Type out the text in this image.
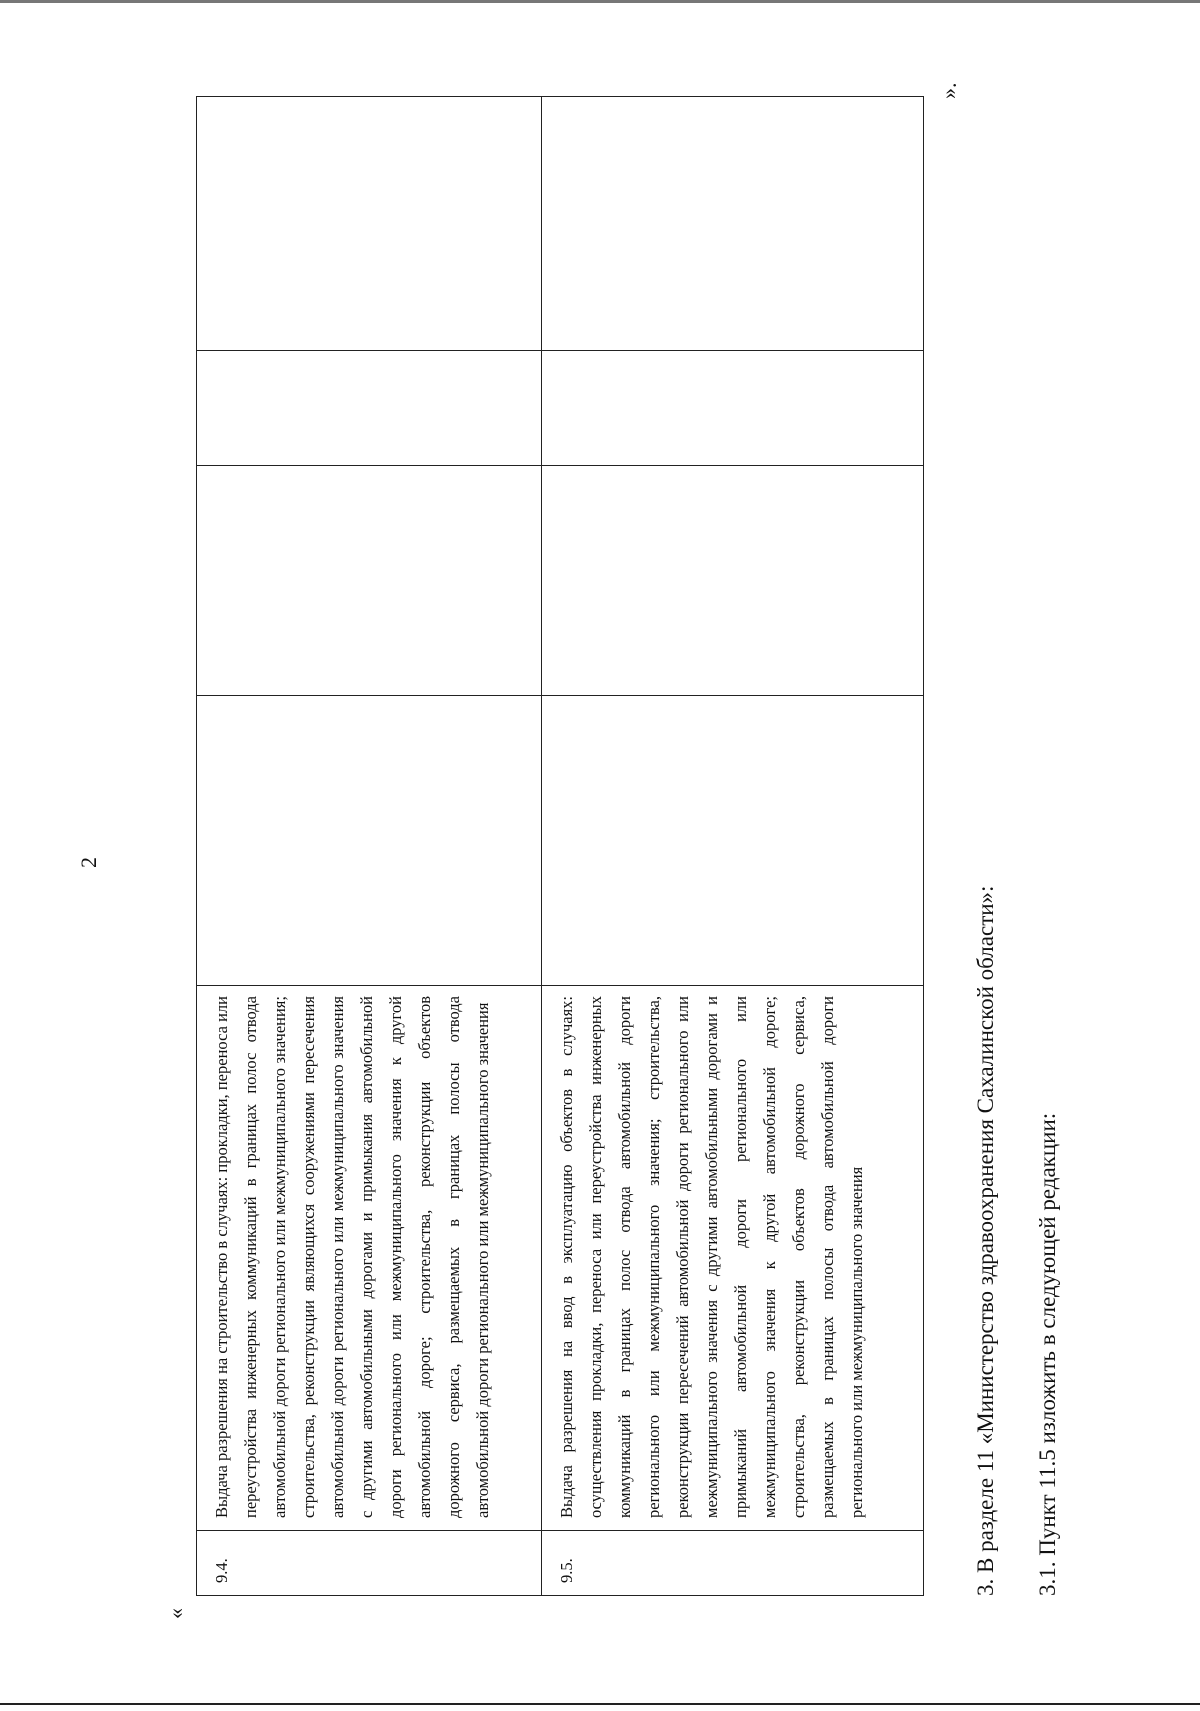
2
«
9.4.	Выдача разрешения на строительство в случаях: прокладки, переноса или переустройства инженерных коммуникаций в границах полос отвода автомобильной дороги регионального или межмуниципального значения; строительства, реконструкции являющихся сооружениями пересечения автомобильной дороги регионального или межмуниципального значения с другими автомобильными дорогами и примыкания автомобильной дороги регионального или межмуниципального значения к другой автомобильной дороге; строительства, реконструкции объектов дорожного сервиса, размещаемых в границах полосы отвода автомобильной дороги регионального или межмуниципального значения				
9.5.	Выдача разрешения на ввод в эксплуатацию объектов в случаях: осуществления прокладки, переноса или переустройства инженерных коммуникаций в границах полос отвода автомобильной дороги регионального или межмуниципального значения; строительства, реконструкции пересечений автомобильной дороги регионального или межмуниципального значения с другими автомобильными дорогами и примыканий автомобильной дороги регионального или межмуниципального значения к другой автомобильной дороге; строительства, реконструкции объектов дорожного сервиса, размещаемых в границах полосы отвода автомобильной дороги регионального или межмуниципального значения				
».
3. В разделе 11 «Министерство здравоохранения Сахалинской области»: 3.1. Пункт 11.5 изложить в следующей редакции:
